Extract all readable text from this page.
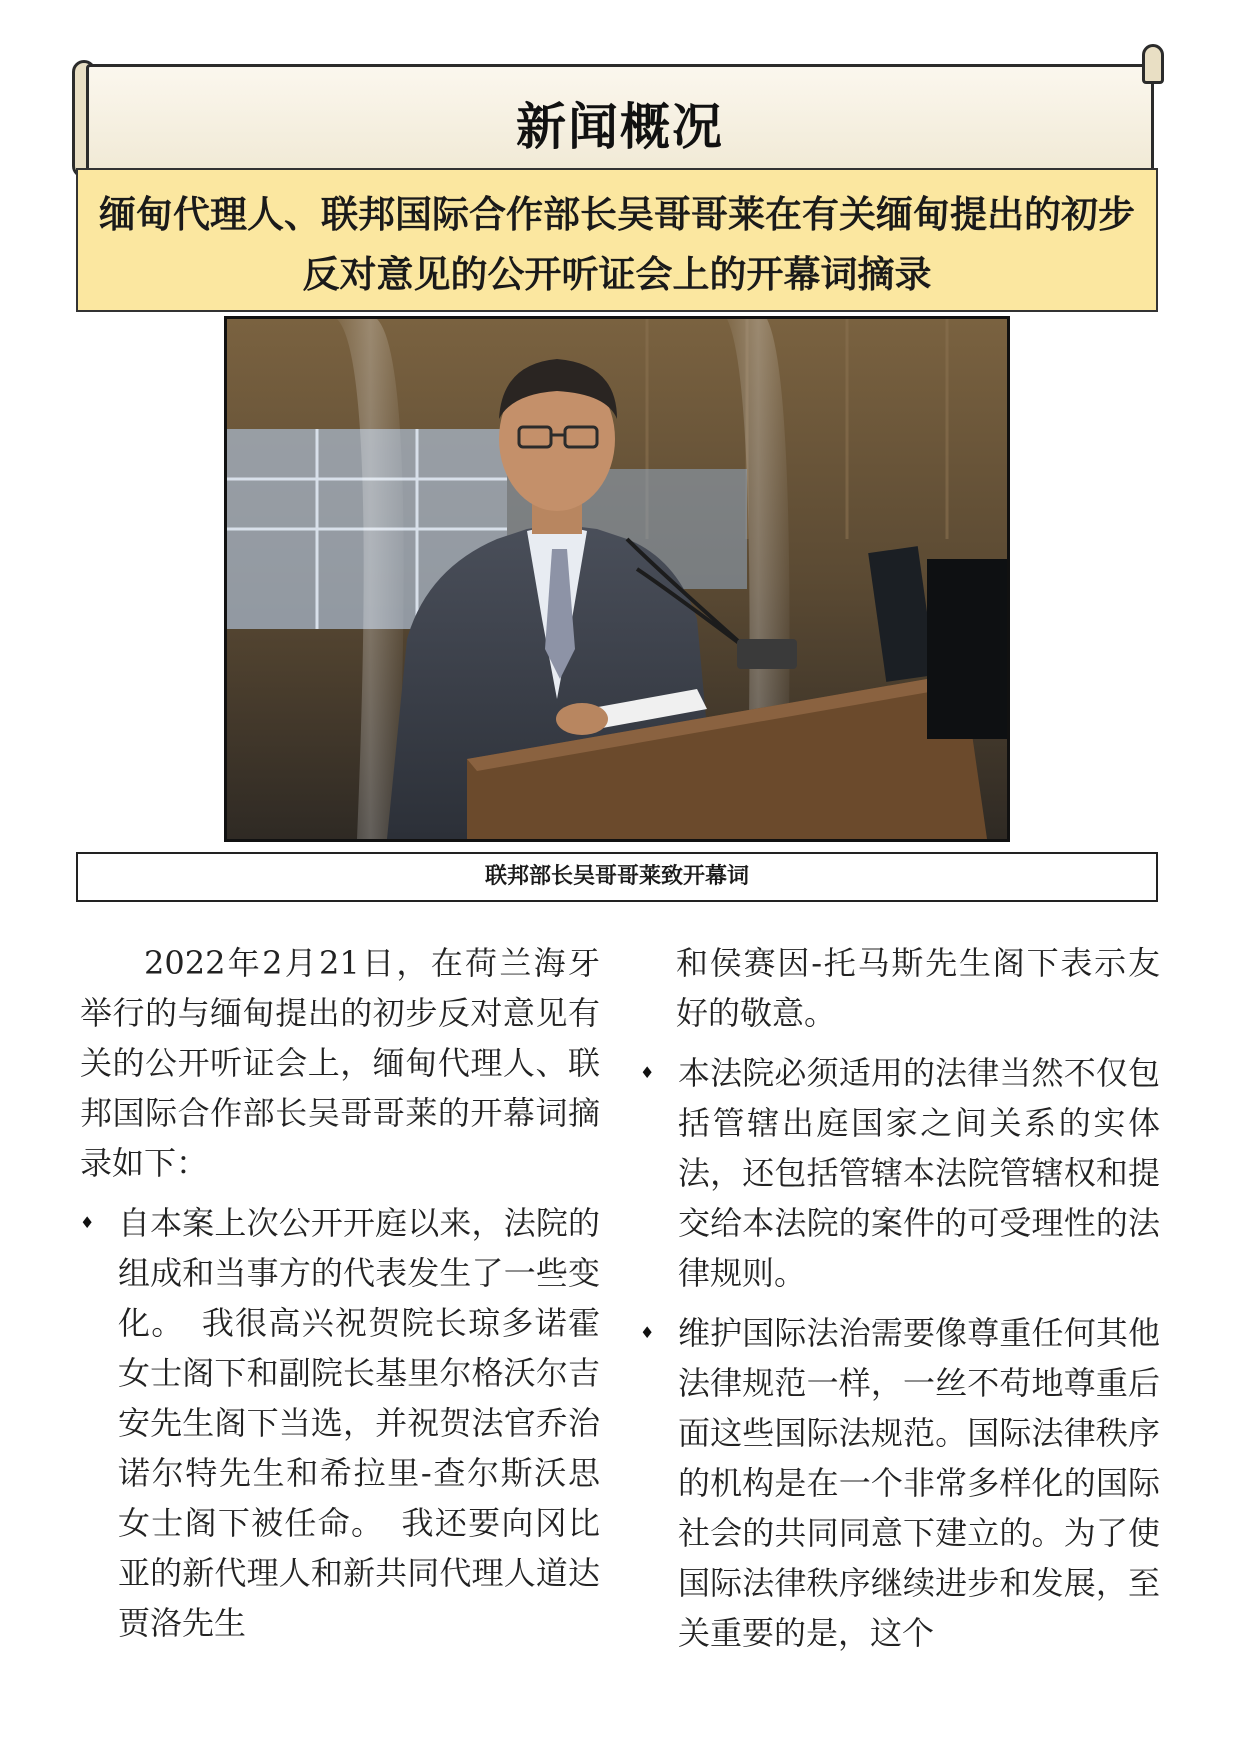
新闻概况
缅甸代理人、联邦国际合作部长吴哥哥莱在有关缅甸提出的初步
反对意见的公开听证会上的开幕词摘录
联邦部长吴哥哥莱致开幕词

2022年2月21日，在荷兰海牙举行的与缅甸提出的初步反对意见有关的公开听证会上，缅甸代理人、联邦国际合作部长吴哥哥莱的开幕词摘录如下：

♦ 自本案上次公开开庭以来，法院的组成和当事方的代表发生了一些变化。　我很高兴祝贺院长琼多诺霍女士阁下和副院长基里尔格沃尔吉安先生阁下当选，并祝贺法官乔治诺尔特先生和希拉里-查尔斯沃思女士阁下被任命。　我还要向冈比亚的新代理人和新共同代理人道达贾洛先生

和侯赛因-托马斯先生阁下表示友好的敬意。

♦ 本法院必须适用的法律当然不仅包括管辖出庭国家之间关系的实体法，还包括管辖本法院管辖权和提交给本法院的案件的可受理性的法律规则。
♦ 维护国际法治需要像尊重任何其他法律规范一样，一丝不苟地尊重后面这些国际法规范。国际法律秩序的机构是在一个非常多样化的国际社会的共同同意下建立的。为了使国际法律秩序继续进步和发展，至关重要的是，这个
